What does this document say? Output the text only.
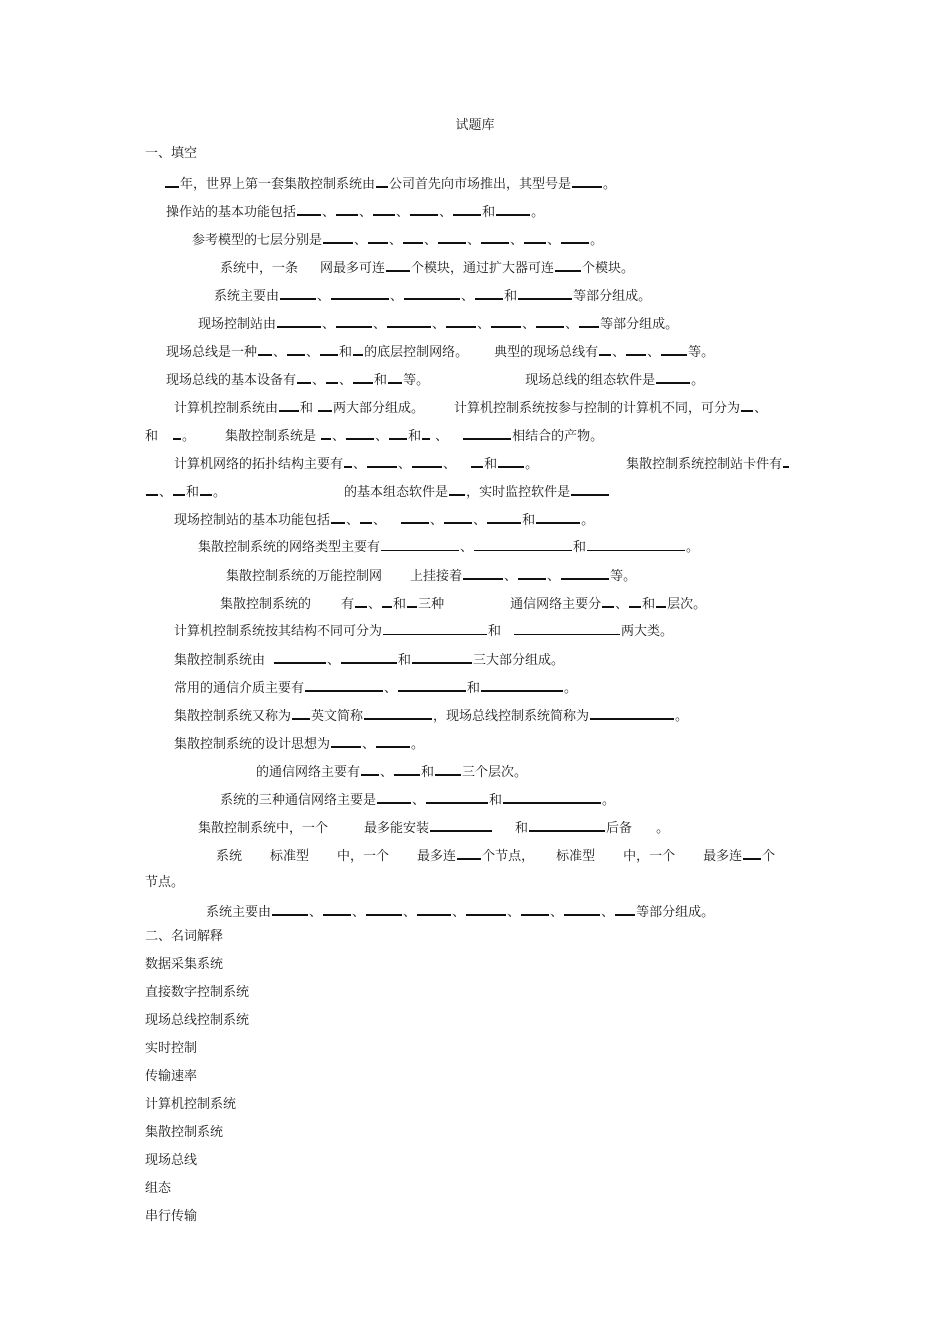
试题库
一、填空
年，世界上第一套集散控制系统由 公司首先向市场推出，其型号是 。
操作站的基本功能包括 、 、 、 、 和	。
参考模型的七层分别是 、 、 、 、 、 、 。
系统中，一条 网最多可连 个模块，通过扩大器可连 个模块。
系统主要由	、	、	、 和	等部分组成。
现场控制站由	、	、	、 、 、 、 等部分组成。
现场总线是一种 、 、 和 的底层控制网络。 典型的现场总线有 、 、 等。
现场总线的基本设备有 、 、 和 等。	现场总线的组态软件是	。
计算机控制系统由 和 两大部分组成。 计算机控制系统按参与控制的计算机不同，可分为 、
和 。 集散控制系统是 、 、 和 、	相结合的产物。
计算机网络的拓扑结构主要有 、 、 、 和 。	集散控制系统控制站卡件有
、 和 。	的基本组态软件是 ，实时监控软件是
现场控制站的基本功能包括 、 、	、 、	和	。
集散控制系统的网络类型主要有	、	和	。
集散控制系统的万能控制网 上挂接着	、 、	等。
集散控制系统的 有 、 和 三种	通信网络主要分 、 和 层次。
计算机控制系统按其结构不同可分为	和	两大类。
集散控制系统由	、	和	三大部分组成。
常用的通信介质主要有	、	和	。
集散控制系统又称为 英文简称	，现场总线控制系统简称为	。
集散控制系统的设计思想为 、	。
的通信网络主要有 、 和 三个层次。
系统的三种通信网络主要是	、	和	。
集散控制系统中，一个	最多能安装	和	后备 。
系统 标准型 中，一个 最多连 个节点， 标准型 中，一个 最多连 个
节点。
系统主要由	、 、	、	、	、 、	、 等部分组成。
二、名词解释
数据采集系统
直接数字控制系统
现场总线控制系统
实时控制
传输速率
计算机控制系统
集散控制系统
现场总线
组态
串行传输
